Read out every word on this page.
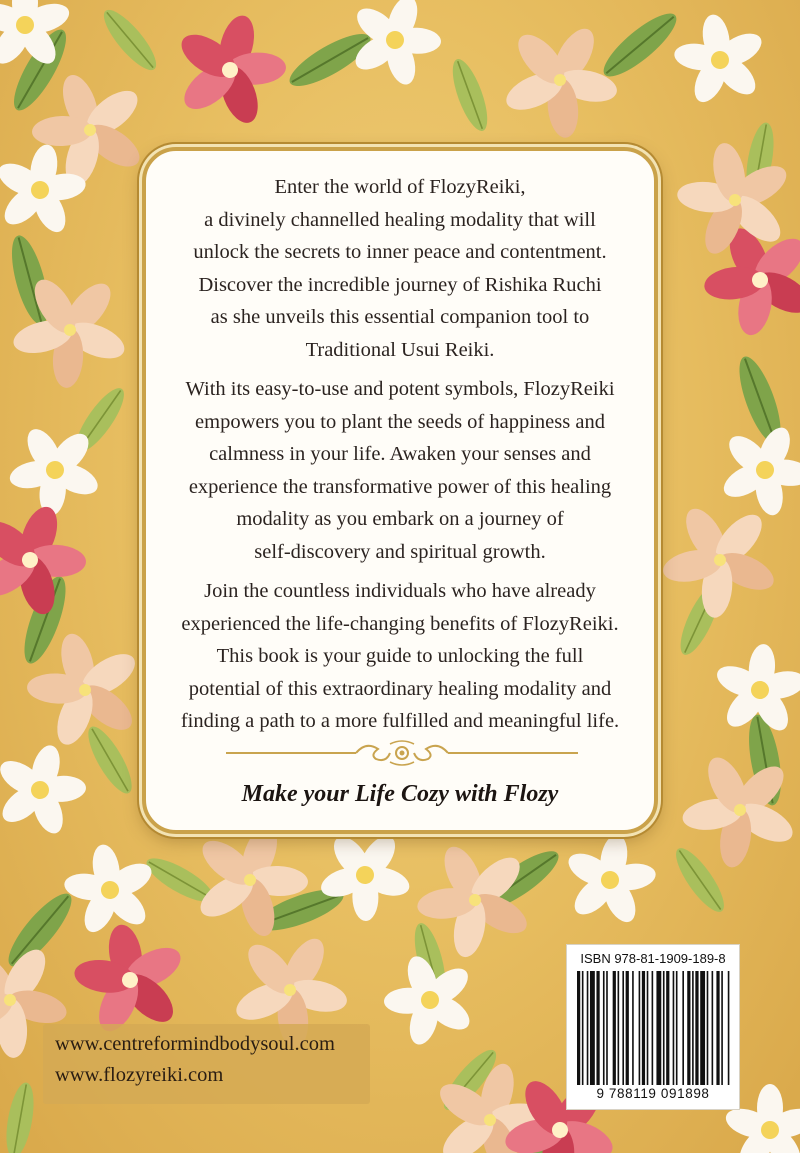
Enter the world of FlozyReiki,
a divinely channelled healing modality that will
unlock the secrets to inner peace and contentment.
Discover the incredible journey of Rishika Ruchi
as she unveils this essential companion tool to
Traditional Usui Reiki.
With its easy-to-use and potent symbols, FlozyReiki
empowers you to plant the seeds of happiness and
calmness in your life. Awaken your senses and
experience the transformative power of this healing
modality as you embark on a journey of
self-discovery and spiritual growth.
Join the countless individuals who have already
experienced the life-changing benefits of FlozyReiki.
This book is your guide to unlocking the full
potential of this extraordinary healing modality and
finding a path to a more fulfilled and meaningful life.
Make your Life Cozy with Flozy
ISBN 978-81-1909-189-8
9 788119 091898
www.centreformindbodysoul.com
www.flozyreiki.com
